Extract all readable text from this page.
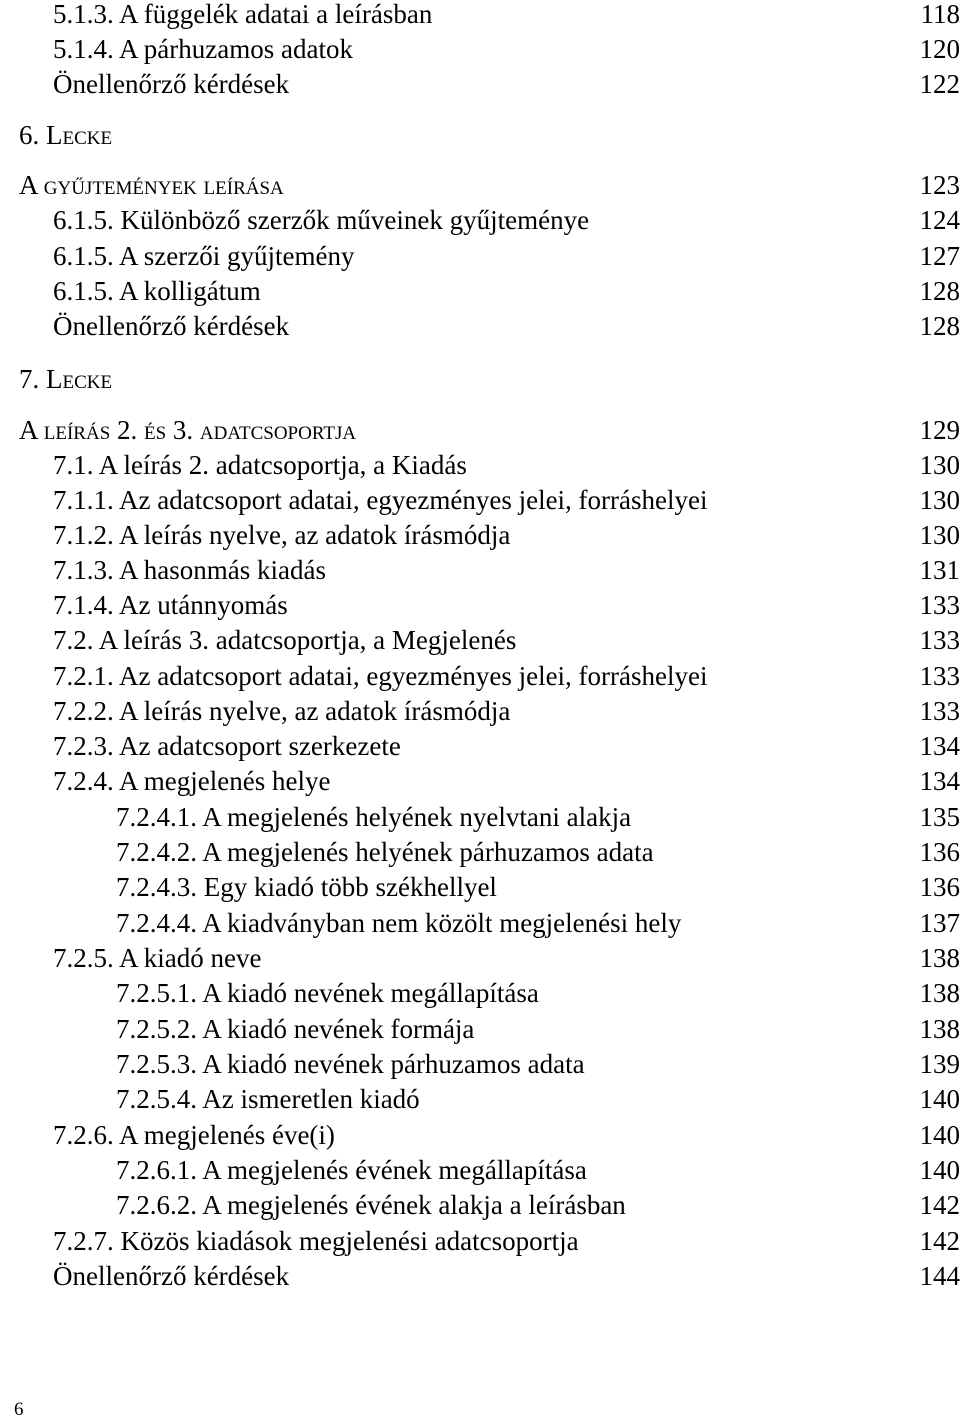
5.1.3. A függelék adatai a leírásban	118
5.1.4. A párhuzamos adatok	120
Önellenőrző kérdések	122
6. Lecke
A gyűjtemények leírása	123
6.1.5. Különböző szerzők műveinek gyűjteménye	124
6.1.5. A szerzői gyűjtemény	127
6.1.5. A kolligátum	128
Önellenőrző kérdések	128
7. Lecke
A leírás 2. és 3. adatcsoportja	129
7.1. A leírás 2. adatcsoportja, a Kiadás	130
7.1.1. Az adatcsoport adatai, egyezményes jelei, forráshelyei	130
7.1.2. A leírás nyelve, az adatok írásmódja	130
7.1.3. A hasonmás kiadás	131
7.1.4. Az utánnyomás	133
7.2. A leírás 3. adatcsoportja, a Megjelenés	133
7.2.1. Az adatcsoport adatai, egyezményes jelei, forráshelyei	133
7.2.2. A leírás nyelve, az adatok írásmódja	133
7.2.3. Az adatcsoport szerkezete	134
7.2.4. A megjelenés helye	134
7.2.4.1. A megjelenés helyének nyelvtani alakja	135
7.2.4.2. A megjelenés helyének párhuzamos adata	136
7.2.4.3. Egy kiadó több székhellyel	136
7.2.4.4. A kiadványban nem közölt megjelenési hely	137
7.2.5. A kiadó neve	138
7.2.5.1. A kiadó nevének megállapítása	138
7.2.5.2. A kiadó nevének formája	138
7.2.5.3. A kiadó nevének párhuzamos adata	139
7.2.5.4. Az ismeretlen kiadó	140
7.2.6. A megjelenés éve(i)	140
7.2.6.1. A megjelenés évének megállapítása	140
7.2.6.2. A megjelenés évének alakja a leírásban	142
7.2.7. Közös kiadások megjelenési adatcsoportja	142
Önellenőrző kérdések	144
6
